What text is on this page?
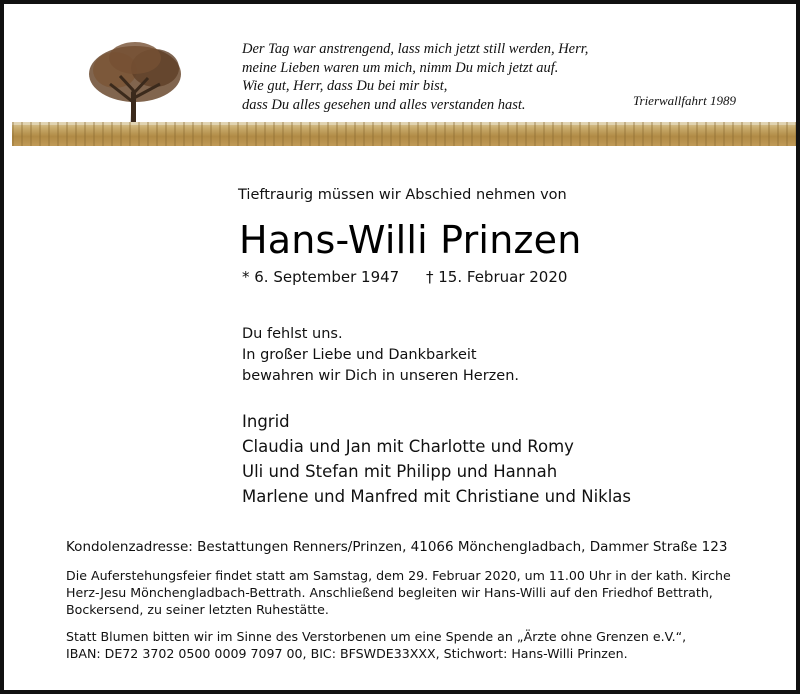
Der Tag war anstrengend, lass mich jetzt still werden, Herr,
meine Lieben waren um mich, nimm Du mich jetzt auf.
Wie gut, Herr, dass Du bei mir bist,
dass Du alles gesehen und alles verstanden hast.	Trierwallfahrt 1989
Tieftraurig müssen wir Abschied nehmen von
Hans-Willi Prinzen
* 6. September 1947 † 15. Februar 2020
Du fehlst uns.
In großer Liebe und Dankbarkeit
bewahren wir Dich in unseren Herzen.
Ingrid
Claudia und Jan mit Charlotte und Romy
Uli und Stefan mit Philipp und Hannah
Marlene und Manfred mit Christiane und Niklas
Kondolenzadresse: Bestattungen Renners/Prinzen, 41066 Mönchengladbach, Dammer Straße 123
Die Auferstehungsfeier findet statt am Samstag, dem 29. Februar 2020, um 11.00 Uhr in der kath. Kirche
Herz-Jesu Mönchengladbach-Bettrath. Anschließend begleiten wir Hans-Willi auf den Friedhof Bettrath,
Bockersend, zu seiner letzten Ruhestätte.
Statt Blumen bitten wir im Sinne des Verstorbenen um eine Spende an „Ärzte ohne Grenzen e.V.“,
IBAN: DE72 3702 0500 0009 7097 00, BIC: BFSWDE33XXX, Stichwort: Hans-Willi Prinzen.
